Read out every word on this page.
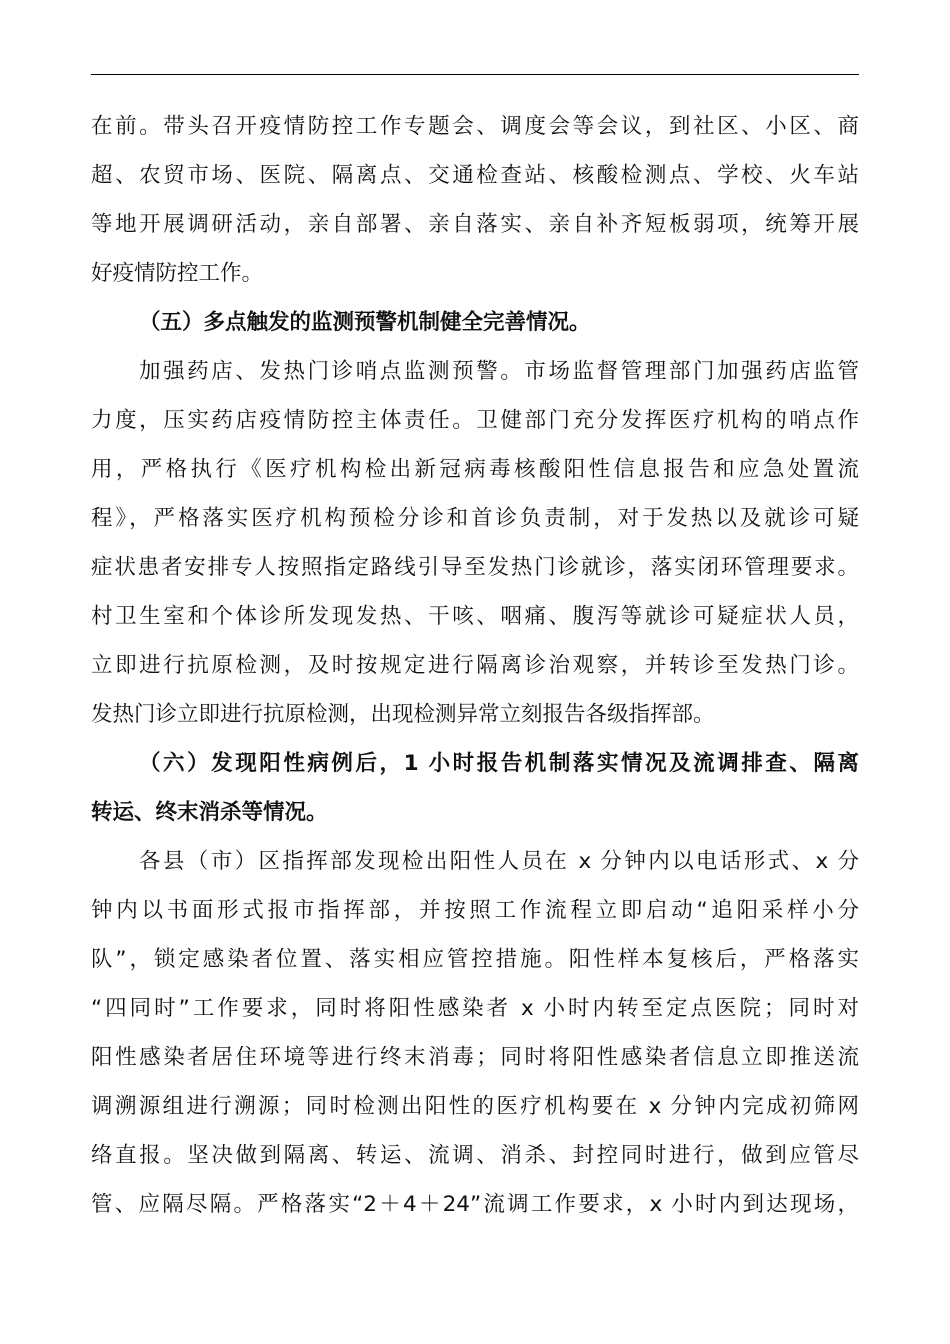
在前。带头召开疫情防控工作专题会、调度会等会议，到社区、小区、商
超、农贸市场、医院、隔离点、交通检查站、核酸检测点、学校、火车站
等地开展调研活动，亲自部署、亲自落实、亲自补齐短板弱项，统筹开展
好疫情防控工作。
（五）多点触发的监测预警机制健全完善情况。
加强药店、发热门诊哨点监测预警。市场监督管理部门加强药店监管
力度，压实药店疫情防控主体责任。卫健部门充分发挥医疗机构的哨点作
用，严格执行《医疗机构检出新冠病毒核酸阳性信息报告和应急处置流
程》，严格落实医疗机构预检分诊和首诊负责制，对于发热以及就诊可疑
症状患者安排专人按照指定路线引导至发热门诊就诊，落实闭环管理要求。
村卫生室和个体诊所发现发热、干咳、咽痛、腹泻等就诊可疑症状人员，
立即进行抗原检测，及时按规定进行隔离诊治观察，并转诊至发热门诊。
发热门诊立即进行抗原检测，出现检测异常立刻报告各级指挥部。
（六）发现阳性病例后，1 小时报告机制落实情况及流调排查、隔离
转运、终末消杀等情况。
各县（市）区指挥部发现检出阳性人员在 x 分钟内以电话形式、x 分
钟内以书面形式报市指挥部，并按照工作流程立即启动“追阳采样小分
队”，锁定感染者位置、落实相应管控措施。阳性样本复核后，严格落实
“四同时”工作要求，同时将阳性感染者 x 小时内转至定点医院；同时对
阳性感染者居住环境等进行终末消毒；同时将阳性感染者信息立即推送流
调溯源组进行溯源；同时检测出阳性的医疗机构要在 x 分钟内完成初筛网
络直报。坚决做到隔离、转运、流调、消杀、封控同时进行，做到应管尽
管、应隔尽隔。严格落实“2＋4＋24”流调工作要求，x 小时内到达现场，
